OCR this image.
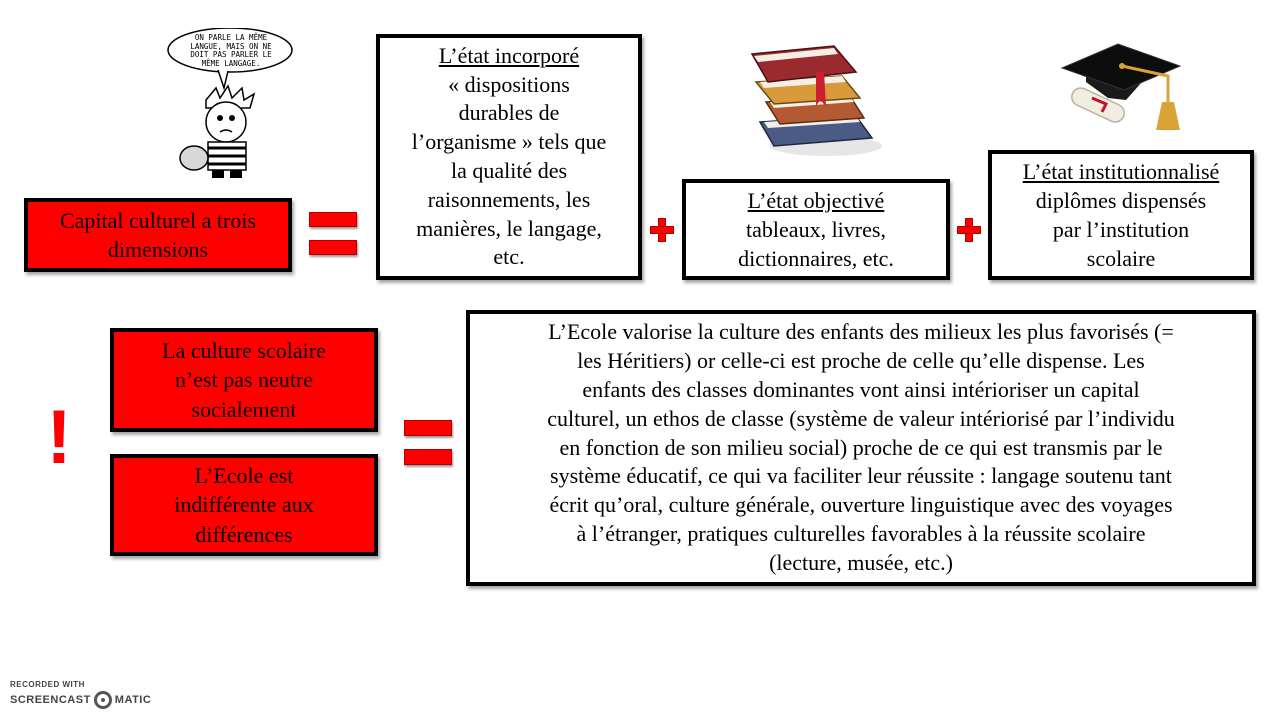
ON PARLE LA MÊME LANGUE, MAIS ON NE DOIT PAS PARLER LE MÊME LANGAGE.
Capital culturel a trois dimensions
L’état incorporé
« dispositions
durables de
l’organisme » tels que
la qualité des
raisonnements, les
manières, le langage,
etc.
L’état objectivé
tableaux, livres,
dictionnaires, etc.
L’état institutionnalisé
diplômes dispensés
par l’institution
scolaire
!
La culture scolaire
n’est pas neutre
socialement
L’Ecole est
indifférente aux
différences
L’Ecole valorise la culture des enfants des milieux les plus favorisés (=
les Héritiers) or celle-ci est proche de celle qu’elle dispense. Les
enfants des classes dominantes vont ainsi intérioriser un capital
culturel, un ethos de classe (système de valeur intériorisé par l’individu
en fonction de son milieu social) proche de ce qui est transmis par le
système éducatif, ce qui va faciliter leur réussite : langage soutenu tant
écrit qu’oral, culture générale, ouverture linguistique avec des voyages
à l’étranger, pratiques culturelles favorables à la réussite scolaire
(lecture, musée, etc.)
RECORDED WITH
SCREENCAST MATIC
